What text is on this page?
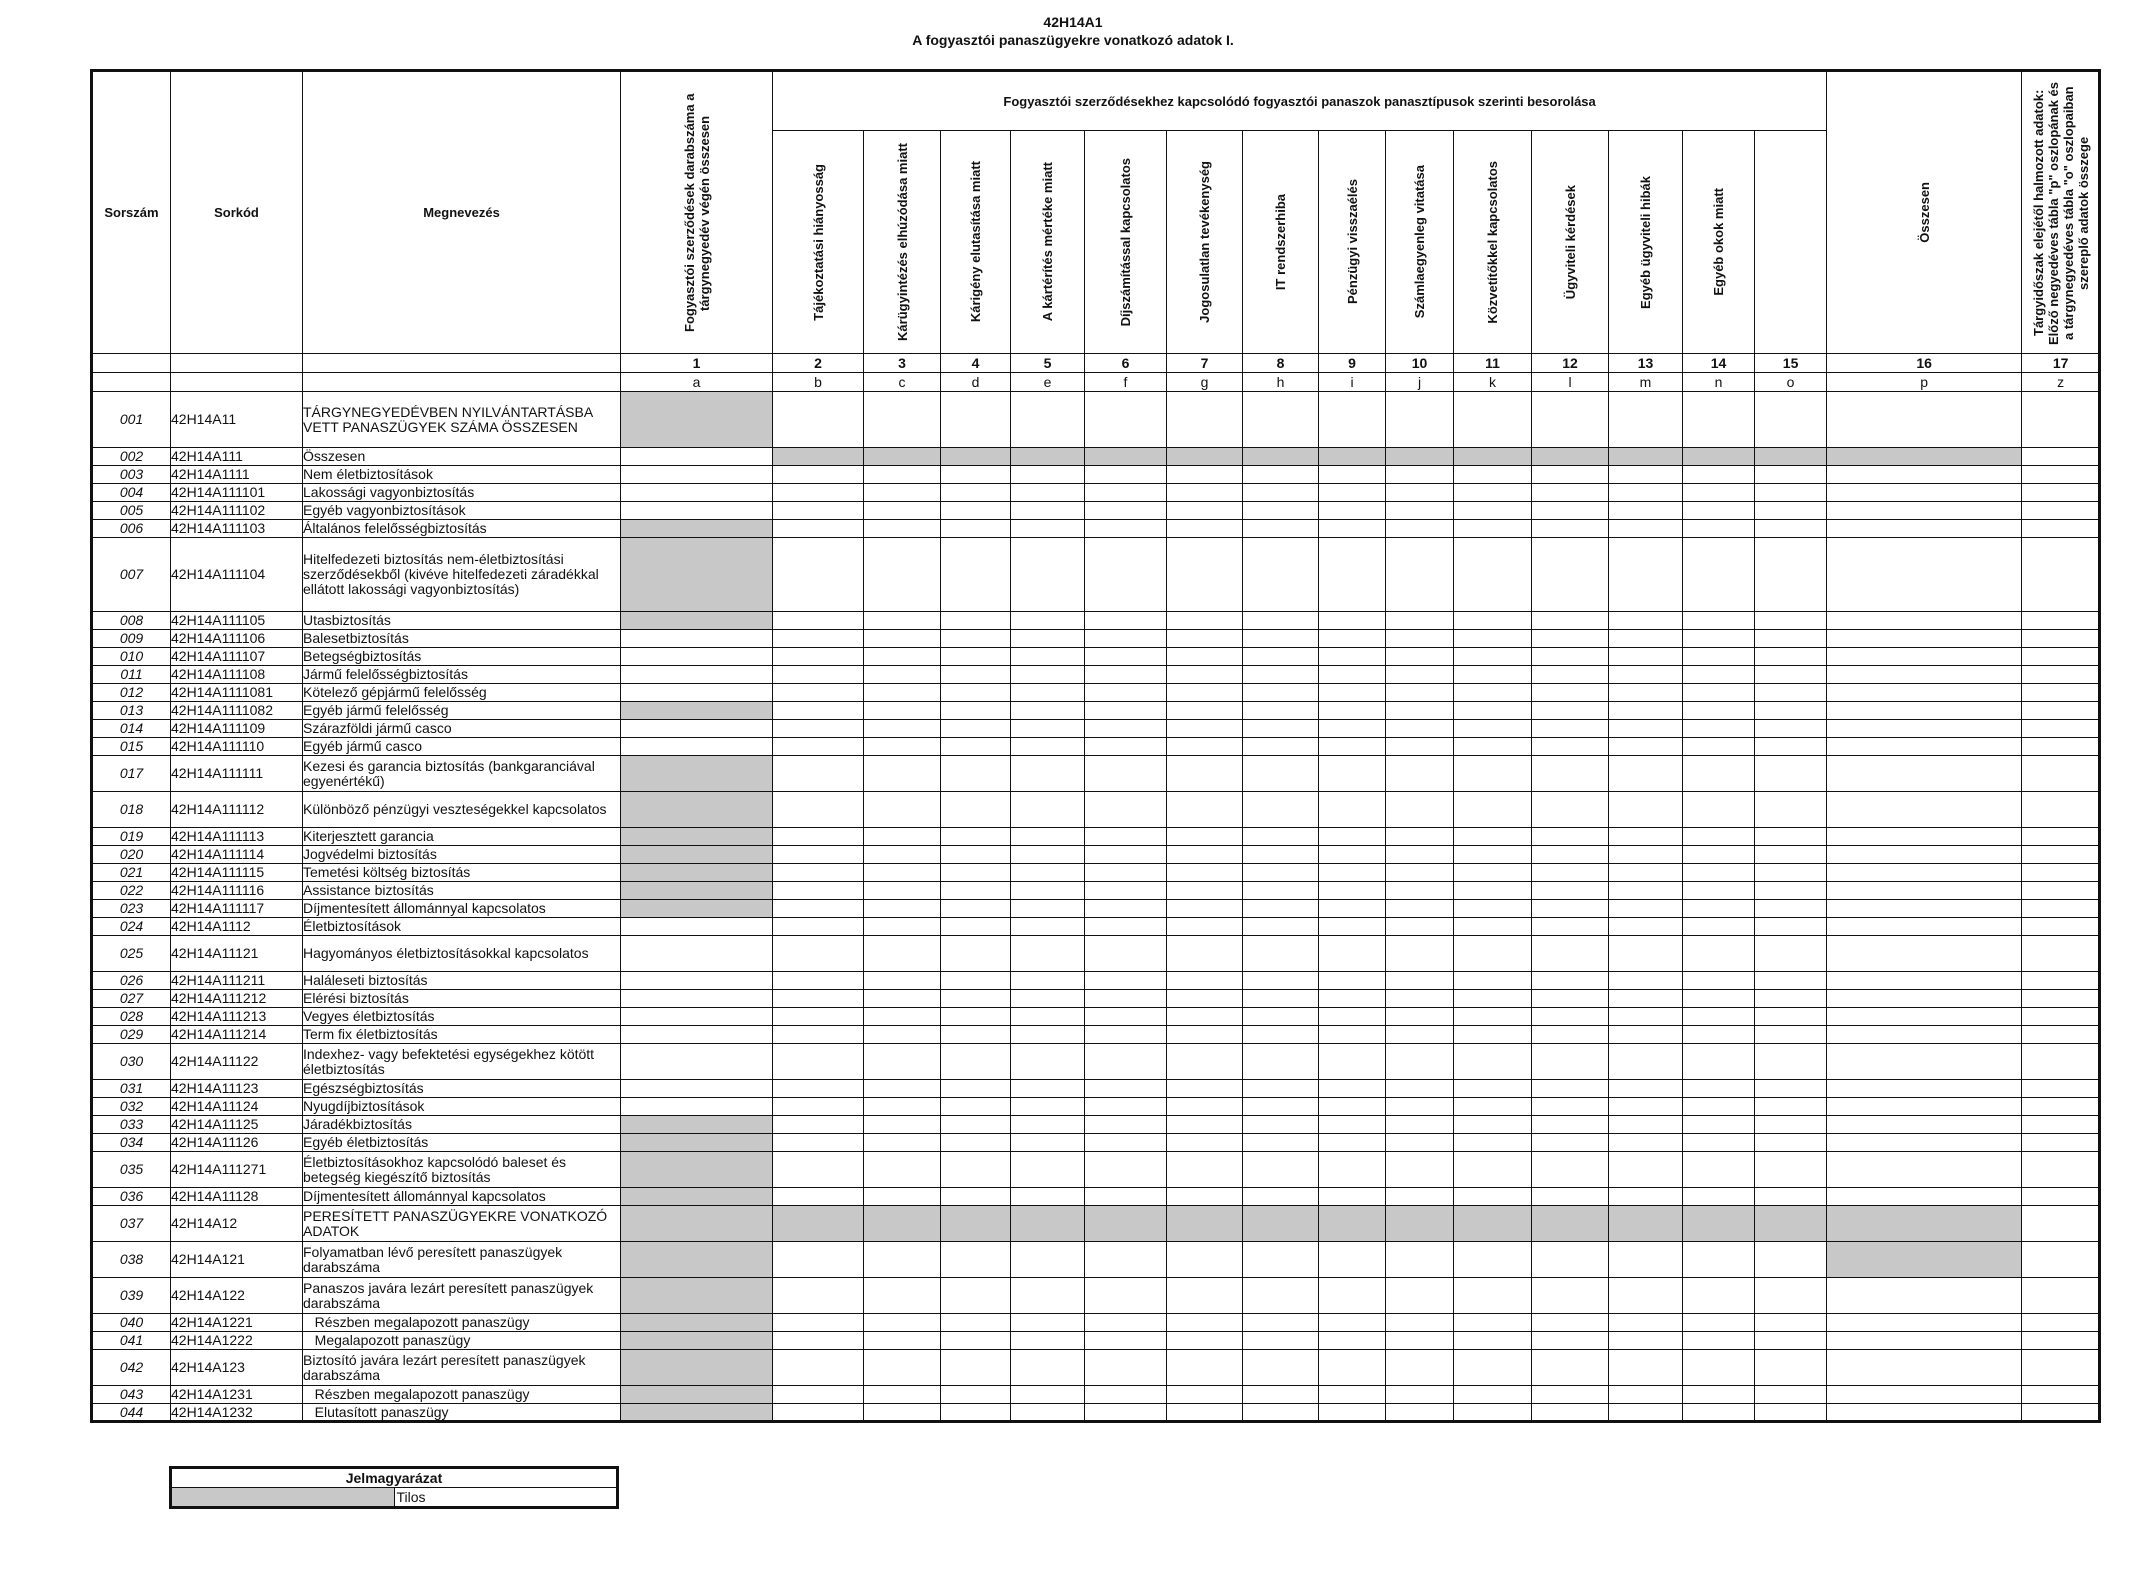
42H14A1
A fogyasztói panaszügyekre vonatkozó adatok I.
Sorszám	Sorkód	Megnevezés	Fogyasztói szerződések darabszáma a tárgynegyedév végén összesen	Fogyasztói szerződésekhez kapcsolódó fogyasztói panaszok panasztípusok szerinti besorolása														Összesen	Tárgyidőszak elejétől halmozott adatok: Előző negyedéves tábla "p" oszlopának és a tárgynegyedéves tábla "o" oszlopaiban szereplő adatok összege

				Tájékoztatási hiányosság	Kárügyintézés elhúzódása miatt	Kárigény elutasítása miatt	A kártérítés mértéke miatt	Díjszámítással kapcsolatos	Jogosulatlan tevékenység	IT rendszerhiba	Pénzügyi visszaélés	Számlaegyenleg vitatása	Közvetítőkkel kapcsolatos	Ügyviteli kérdések	Egyéb ügyviteli hibák	Egyéb okok miatt				

			1	2	3	4	5	6	7	8	9	10	11	12	13	14	15	16	17	
			a	b	c	d	e	f	g	h	i	j	k	l	m	n	o	p	z	
001	42H14A11	TÁRGYNEGYEDÉVBEN NYILVÁNTARTÁSBA VETT PANASZÜGYEK SZÁMA ÖSSZESEN																		
002	42H14A111	Összesen																		
003	42H14A1111	Nem életbiztosítások																		
004	42H14A111101	Lakossági vagyonbiztosítás																		
005	42H14A111102	Egyéb vagyonbiztosítások																		
006	42H14A111103	Általános felelősségbiztosítás																		
007	42H14A111104	Hitelfedezeti biztosítás nem-életbiztosítási szerződésekből (kivéve hitelfedezeti záradékkal ellátott lakossági vagyonbiztosítás)																		
008	42H14A111105	Utasbiztosítás																		
009	42H14A111106	Balesetbiztosítás																		
010	42H14A111107	Betegségbiztosítás																		
011	42H14A111108	Jármű felelősségbiztosítás																		
012	42H14A1111081	Kötelező gépjármű felelősség																		
013	42H14A1111082	Egyéb jármű felelősség																		
014	42H14A111109	Szárazföldi jármű casco																		
015	42H14A111110	Egyéb jármű casco																		
017	42H14A111111	Kezesi és garancia biztosítás (bankgaranciával egyenértékű)																		
018	42H14A111112	Különböző pénzügyi veszteségekkel kapcsolatos																		
019	42H14A111113	Kiterjesztett garancia																		
020	42H14A111114	Jogvédelmi biztosítás																		
021	42H14A111115	Temetési költség biztosítás																		
022	42H14A111116	Assistance biztosítás																		
023	42H14A111117	Díjmentesített állománnyal kapcsolatos																		
024	42H14A1112	Életbiztosítások																		
025	42H14A11121	Hagyományos életbiztosításokkal kapcsolatos																		
026	42H14A111211	Haláleseti biztosítás																		
027	42H14A111212	Elérési biztosítás																		
028	42H14A111213	Vegyes életbiztosítás																		
029	42H14A111214	Term fix életbiztosítás																		
030	42H14A11122	Indexhez- vagy befektetési egységekhez kötött életbiztosítás																		
031	42H14A11123	Egészségbiztosítás																		
032	42H14A11124	Nyugdíjbiztosítások																		
033	42H14A11125	Járadékbiztosítás																		
034	42H14A11126	Egyéb életbiztosítás																		
035	42H14A111271	Életbiztosításokhoz kapcsolódó baleset és betegség kiegészítő biztosítás																		
036	42H14A11128	Díjmentesített állománnyal kapcsolatos																		
037	42H14A12	PERESÍTETT PANASZÜGYEKRE VONATKOZÓ ADATOK																		
038	42H14A121	Folyamatban lévő peresített panaszügyek darabszáma																		
039	42H14A122	Panaszos javára lezárt peresített panaszügyek darabszáma																		
040	42H14A1221	Részben megalapozott panaszügy																		
041	42H14A1222	Megalapozott panaszügy																		
042	42H14A123	Biztosító javára lezárt peresített panaszügyek darabszáma																		
043	42H14A1231	Részben megalapozott panaszügy																		
044	42H14A1232	Elutasított panaszügy																		
Jelmagyarázat
	Tilos
